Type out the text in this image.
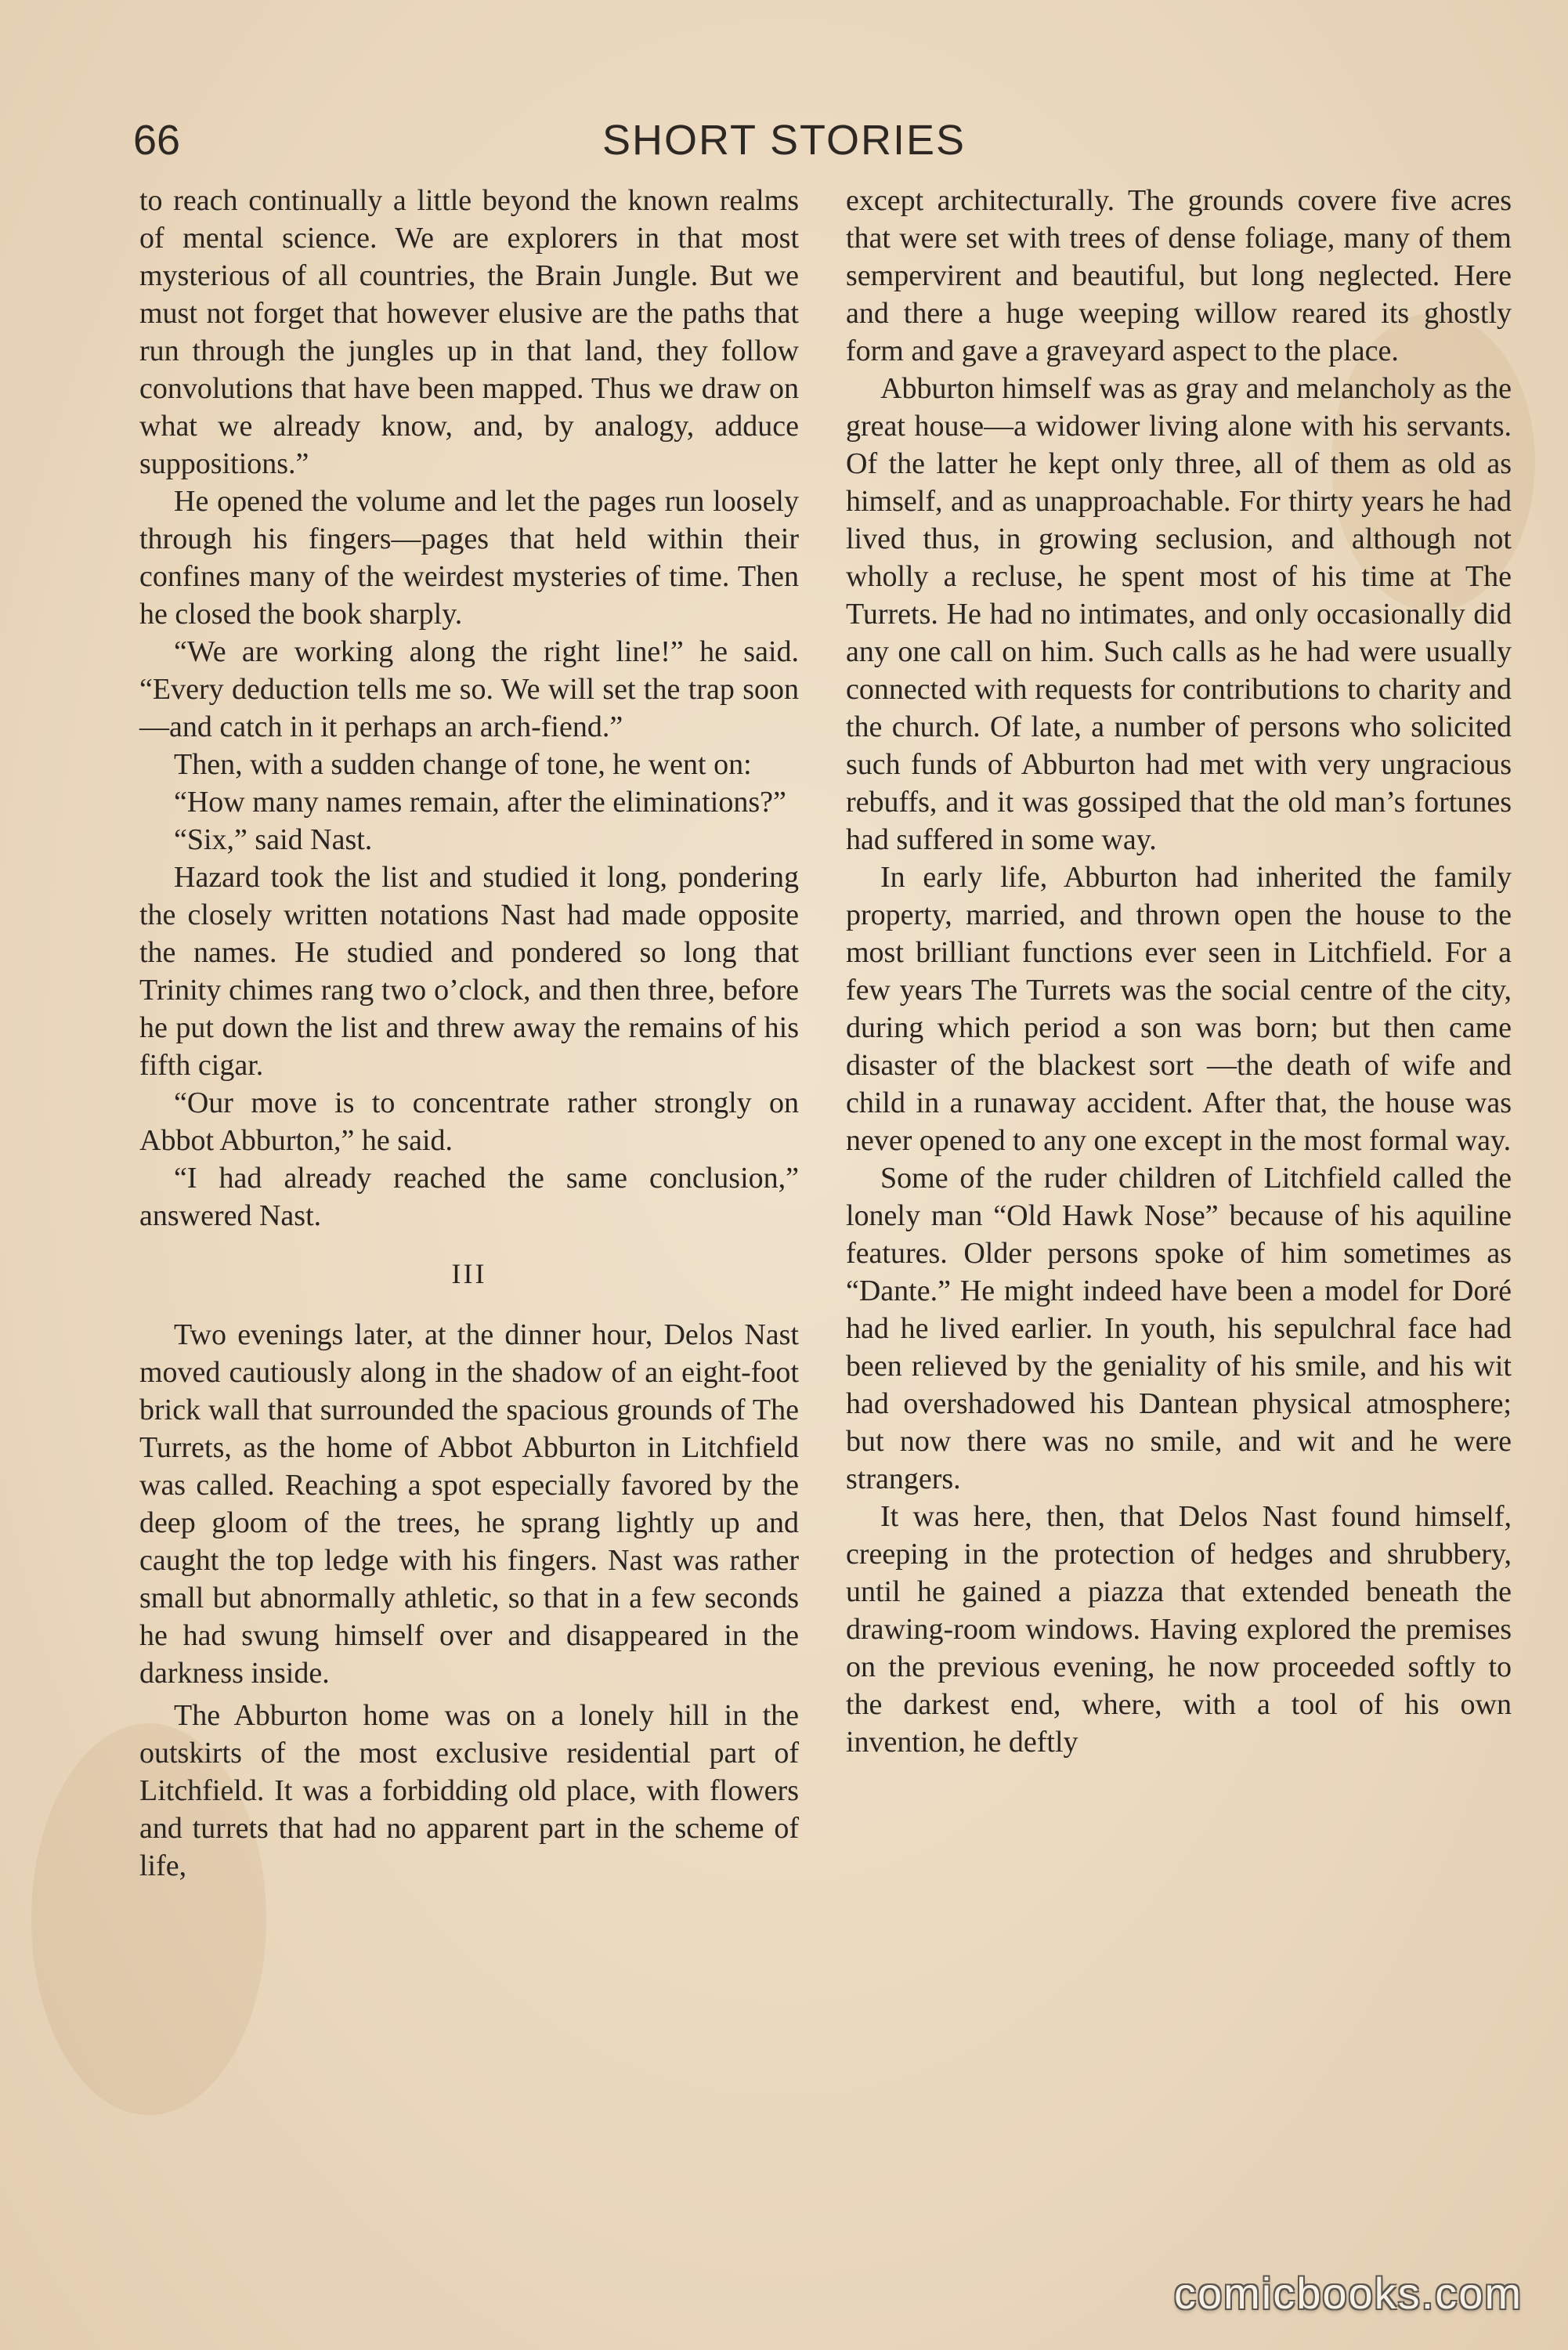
66	SHORT STORIES

to reach continually a little beyond the known realms of mental science. We are explorers in that most mysterious of all countries, the Brain Jungle. But we must not forget that however elusive are the paths that run through the jungles up in that land, they follow convolutions that have been mapped. Thus we draw on what we already know, and, by analogy, adduce suppositions.”

He opened the volume and let the pages run loosely through his fingers—pages that held within their confines many of the weirdest mysteries of time. Then he closed the book sharply.

“We are working along the right line!” he said. “Every deduction tells me so. We will set the trap soon—and catch in it perhaps an arch-fiend.”

Then, with a sudden change of tone, he went on:

“How many names remain, after the eliminations?”

“Six,” said Nast.

Hazard took the list and studied it long, pondering the closely written notations Nast had made opposite the names. He studied and pondered so long that Trinity chimes rang two o’clock, and then three, before he put down the list and threw away the remains of his fifth cigar.

“Our move is to concentrate rather strongly on Abbot Abburton,” he said.

“I had already reached the same conclusion,” answered Nast.

III

Two evenings later, at the dinner hour, Delos Nast moved cautiously along in the shadow of an eight-foot brick wall that surrounded the spacious grounds of The Turrets, as the home of Abbot Abburton in Litchfield was called. Reaching a spot especially favored by the deep gloom of the trees, he sprang lightly up and caught the top ledge with his fingers. Nast was rather small but abnormally athletic, so that in a few seconds he had swung himself over and disappeared in the darkness inside.

The Abburton home was on a lonely hill in the outskirts of the most exclusive residential part of Litchfield. It was a forbidding old place, with flowers and turrets that had no apparent part in the scheme of life,

except architecturally. The grounds covere five acres that were set with trees of dense foliage, many of them sempervirent and beautiful, but long neglected. Here and there a huge weeping willow reared its ghostly form and gave a graveyard aspect to the place.

Abburton himself was as gray and melancholy as the great house—a widower living alone with his servants. Of the latter he kept only three, all of them as old as himself, and as unapproachable. For thirty years he had lived thus, in growing seclusion, and although not wholly a recluse, he spent most of his time at The Turrets. He had no intimates, and only occasionally did any one call on him. Such calls as he had were usually connected with requests for contributions to charity and the church. Of late, a number of persons who solicited such funds of Abburton had met with very ungracious rebuffs, and it was gossiped that the old man’s fortunes had suffered in some way.

In early life, Abburton had inherited the family property, married, and thrown open the house to the most brilliant functions ever seen in Litchfield. For a few years The Turrets was the social centre of the city, during which period a son was born; but then came disaster of the blackest sort —the death of wife and child in a runaway accident. After that, the house was never opened to any one except in the most formal way.

Some of the ruder children of Litchfield called the lonely man “Old Hawk Nose” because of his aquiline features. Older persons spoke of him sometimes as “Dante.” He might indeed have been a model for Doré had he lived earlier. In youth, his sepulchral face had been relieved by the geniality of his smile, and his wit had overshadowed his Dantean physical atmosphere; but now there was no smile, and wit and he were strangers.

It was here, then, that Delos Nast found himself, creeping in the protection of hedges and shrubbery, until he gained a piazza that extended beneath the drawing-room windows. Having explored the premises on the previous evening, he now proceeded softly to the darkest end, where, with a tool of his own invention, he deftly

comicbooks.com
